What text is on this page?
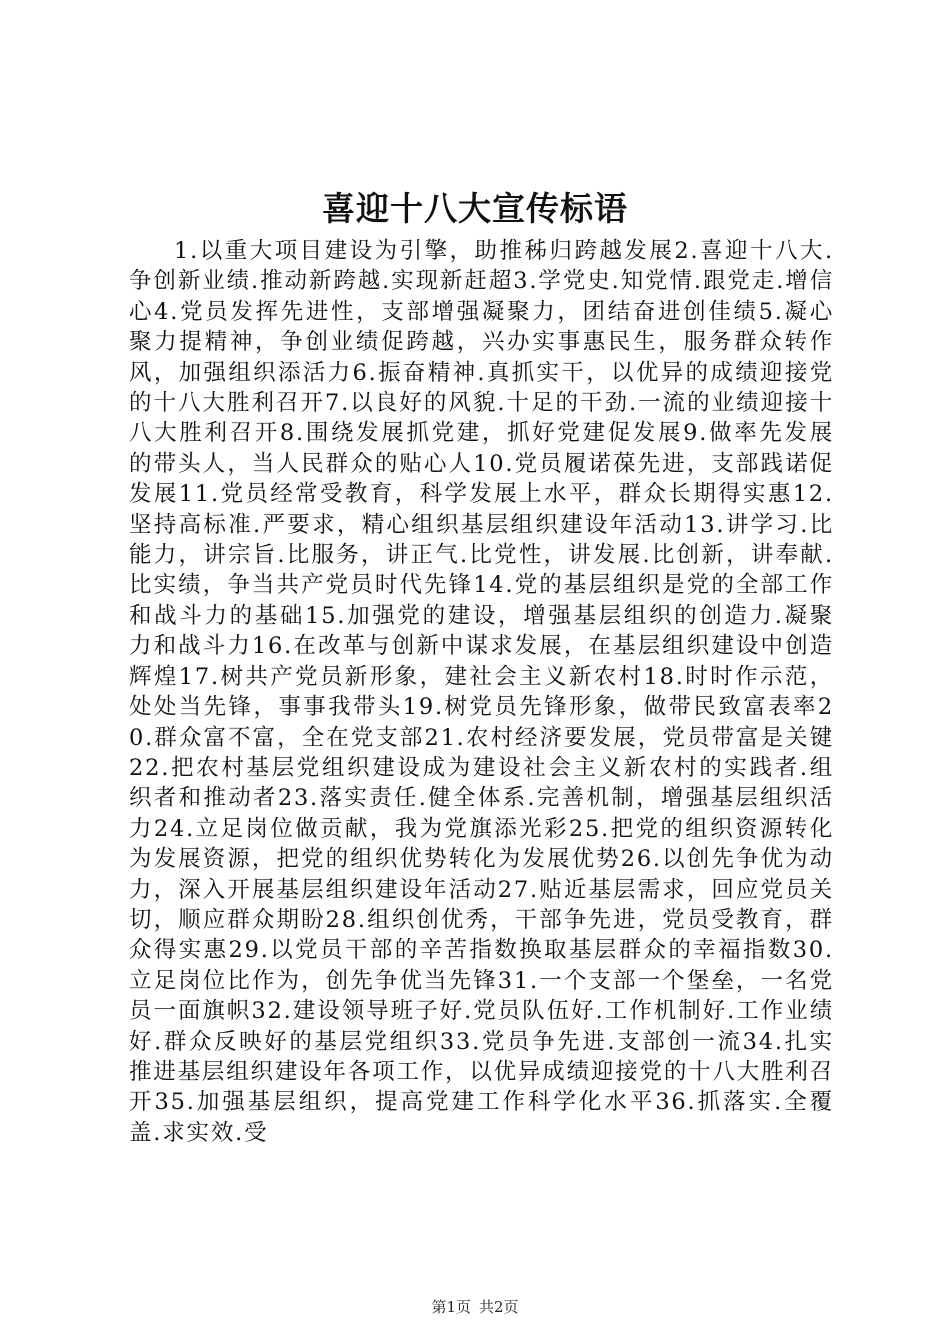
喜迎十八大宣传标语

1.以重大项目建设为引擎，助推秭归跨越发展2.喜迎十八大.争创新业绩.推动新跨越.实现新赶超3.学党史.知党情.跟党走.增信心4.党员发挥先进性，支部增强凝聚力，团结奋进创佳绩5.凝心聚力提精神，争创业绩促跨越，兴办实事惠民生，服务群众转作风，加强组织添活力6.振奋精神.真抓实干，以优异的成绩迎接党的十八大胜利召开7.以良好的风貌.十足的干劲.一流的业绩迎接十八大胜利召开8.围绕发展抓党建，抓好党建促发展9.做率先发展的带头人，当人民群众的贴心人10.党员履诺葆先进，支部践诺促发展11.党员经常受教育，科学发展上水平，群众长期得实惠12.坚持高标准.严要求，精心组织基层组织建设年活动13.讲学习.比能力，讲宗旨.比服务，讲正气.比党性，讲发展.比创新，讲奉献.比实绩，争当共产党员时代先锋14.党的基层组织是党的全部工作和战斗力的基础15.加强党的建设，增强基层组织的创造力.凝聚力和战斗力16.在改革与创新中谋求发展，在基层组织建设中创造辉煌17.树共产党员新形象，建社会主义新农村18.时时作示范，处处当先锋，事事我带头19.树党员先锋形象，做带民致富表率20.群众富不富，全在党支部21.农村经济要发展，党员带富是关键22.把农村基层党组织建设成为建设社会主义新农村的实践者.组织者和推动者23.落实责任.健全体系.完善机制，增强基层组织活力24.立足岗位做贡献，我为党旗添光彩25.把党的组织资源转化为发展资源，把党的组织优势转化为发展优势26.以创先争优为动力，深入开展基层组织建设年活动27.贴近基层需求，回应党员关切，顺应群众期盼28.组织创优秀，干部争先进，党员受教育，群众得实惠29.以党员干部的辛苦指数换取基层群众的幸福指数30.立足岗位比作为，创先争优当先锋31.一个支部一个堡垒，一名党员一面旗帜32.建设领导班子好.党员队伍好.工作机制好.工作业绩好.群众反映好的基层党组织33.党员争先进.支部创一流34.扎实推进基层组织建设年各项工作，以优异成绩迎接党的十八大胜利召开35.加强基层组织，提高党建工作科学化水平36.抓落实.全覆盖.求实效.受

第1页 共2页
